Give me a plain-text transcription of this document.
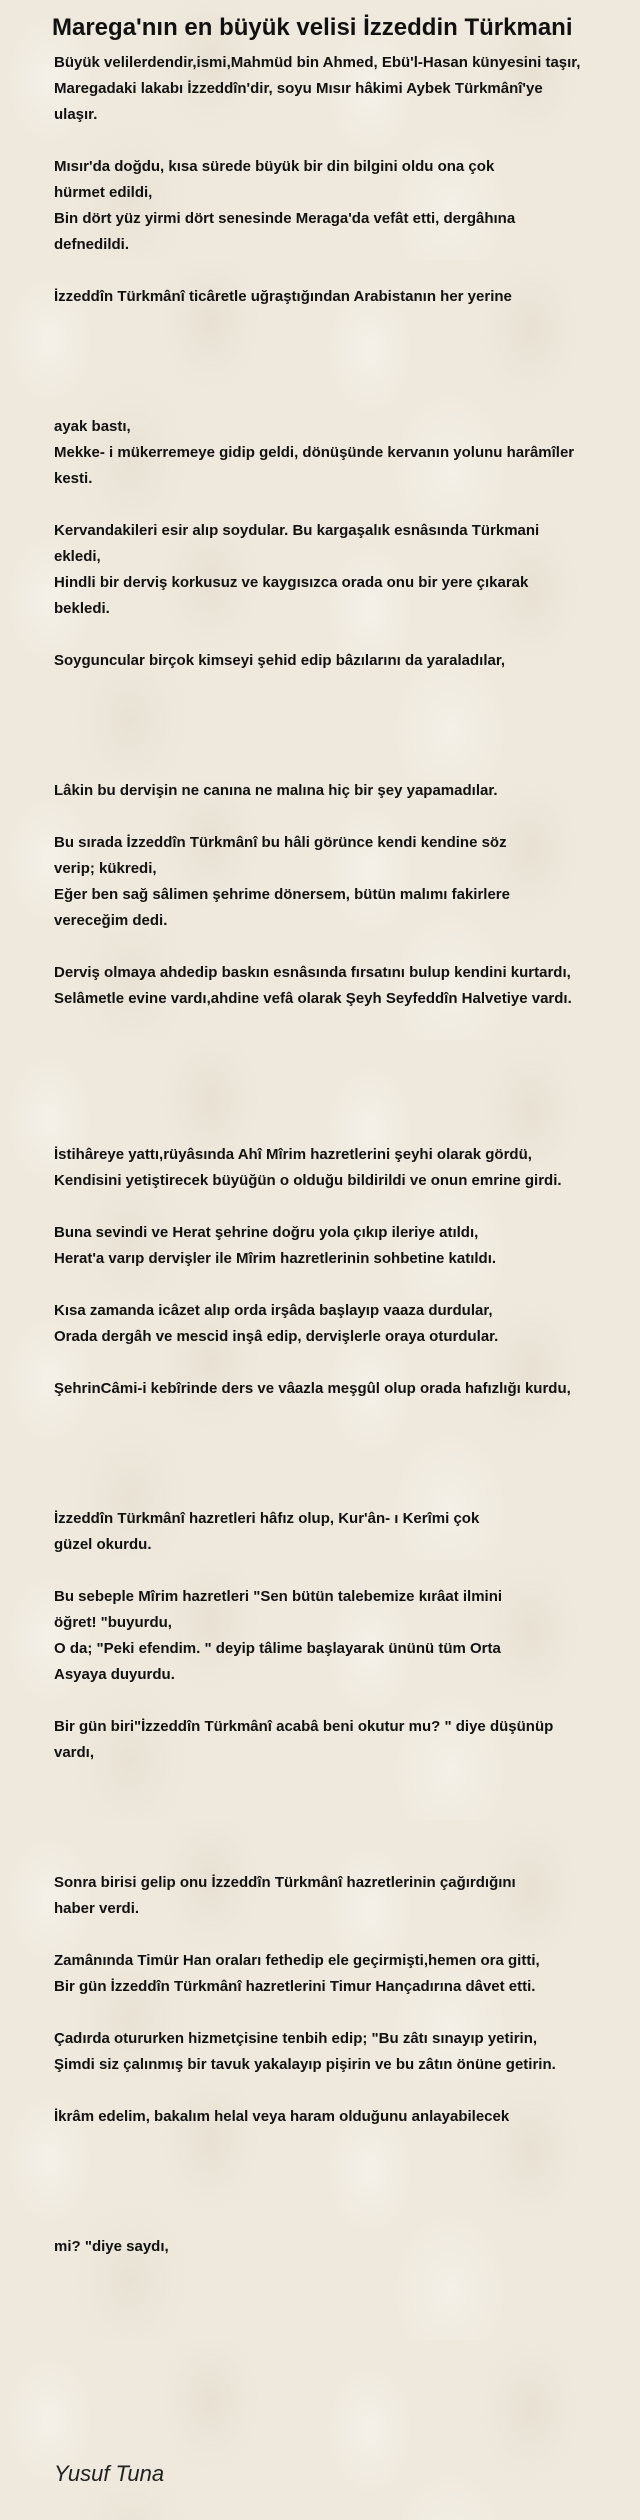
Marega'nın en büyük velisi İzzeddin Türkmani
Büyük velilerdendir,ismi,Mahmüd bin Ahmed, Ebü'l-Hasan künyesini taşır,
Maregadaki lakabı İzzeddîn'dir, soyu Mısır hâkimi Aybek Türkmânî'ye
ulaşır.
Mısır'da doğdu, kısa sürede büyük bir din bilgini oldu ona çok
hürmet edildi,
Bin dört yüz yirmi dört senesinde Meraga'da vefât etti, dergâhına
defnedildi.
İzzeddîn Türkmânî ticâretle uğraştığından Arabistanın her yerine
ayak bastı,
Mekke- i mükerremeye gidip geldi, dönüşünde kervanın yolunu harâmîler
kesti.
Kervandakileri esir alıp soydular. Bu kargaşalık esnâsında Türkmani
ekledi,
Hindli bir derviş korkusuz ve kaygısızca orada onu bir yere çıkarak
bekledi.
Soyguncular birçok kimseyi şehid edip bâzılarını da yaraladılar,
Lâkin bu dervişin ne canına ne malına hiç bir şey yapamadılar.
Bu sırada İzzeddîn Türkmânî bu hâli görünce kendi kendine söz
verip; kükredi,
Eğer ben sağ sâlimen şehrime dönersem, bütün malımı fakirlere
vereceğim dedi.
Derviş olmaya ahdedip baskın esnâsında fırsatını bulup kendini kurtardı,
Selâmetle evine vardı,ahdine vefâ olarak Şeyh Seyfeddîn Halvetiye vardı.
İstihâreye yattı,rüyâsında Ahî Mîrim hazretlerini şeyhi olarak gördü,
Kendisini yetiştirecek büyüğün o olduğu bildirildi ve onun emrine girdi.
Buna sevindi ve Herat şehrine doğru yola çıkıp ileriye atıldı,
Herat'a varıp dervişler ile Mîrim hazretlerinin sohbetine katıldı.
Kısa zamanda icâzet alıp orda irşâda başlayıp vaaza durdular,
Orada dergâh ve mescid inşâ edip, dervişlerle oraya oturdular.
ŞehrinCâmi-i kebîrinde ders ve vâazla meşgûl olup orada hafızlığı kurdu,
İzzeddîn Türkmânî hazretleri hâfız olup, Kur'ân- ı Kerîmi çok
güzel okurdu.
Bu sebeple Mîrim hazretleri "Sen bütün talebemize kırâat ilmini
öğret! "buyurdu,
O da; "Peki efendim. " deyip tâlime başlayarak ününü tüm Orta
Asyaya duyurdu.
Bir gün biri"İzzeddîn Türkmânî acabâ beni okutur mu? " diye düşünüp
vardı,
Sonra birisi gelip onu İzzeddîn Türkmânî hazretlerinin çağırdığını
haber verdi.
Zamânında Timür Han oraları fethedip ele geçirmişti,hemen ora gitti,
Bir gün İzzeddîn Türkmânî hazretlerini Timur Hançadırına dâvet etti.
Çadırda otururken hizmetçisine tenbih edip; "Bu zâtı sınayıp yetirin,
Şimdi siz çalınmış bir tavuk yakalayıp pişirin ve bu zâtın önüne getirin.
İkrâm edelim, bakalım helal veya haram olduğunu anlayabilecek
mi? "diye saydı,
Yusuf Tuna
